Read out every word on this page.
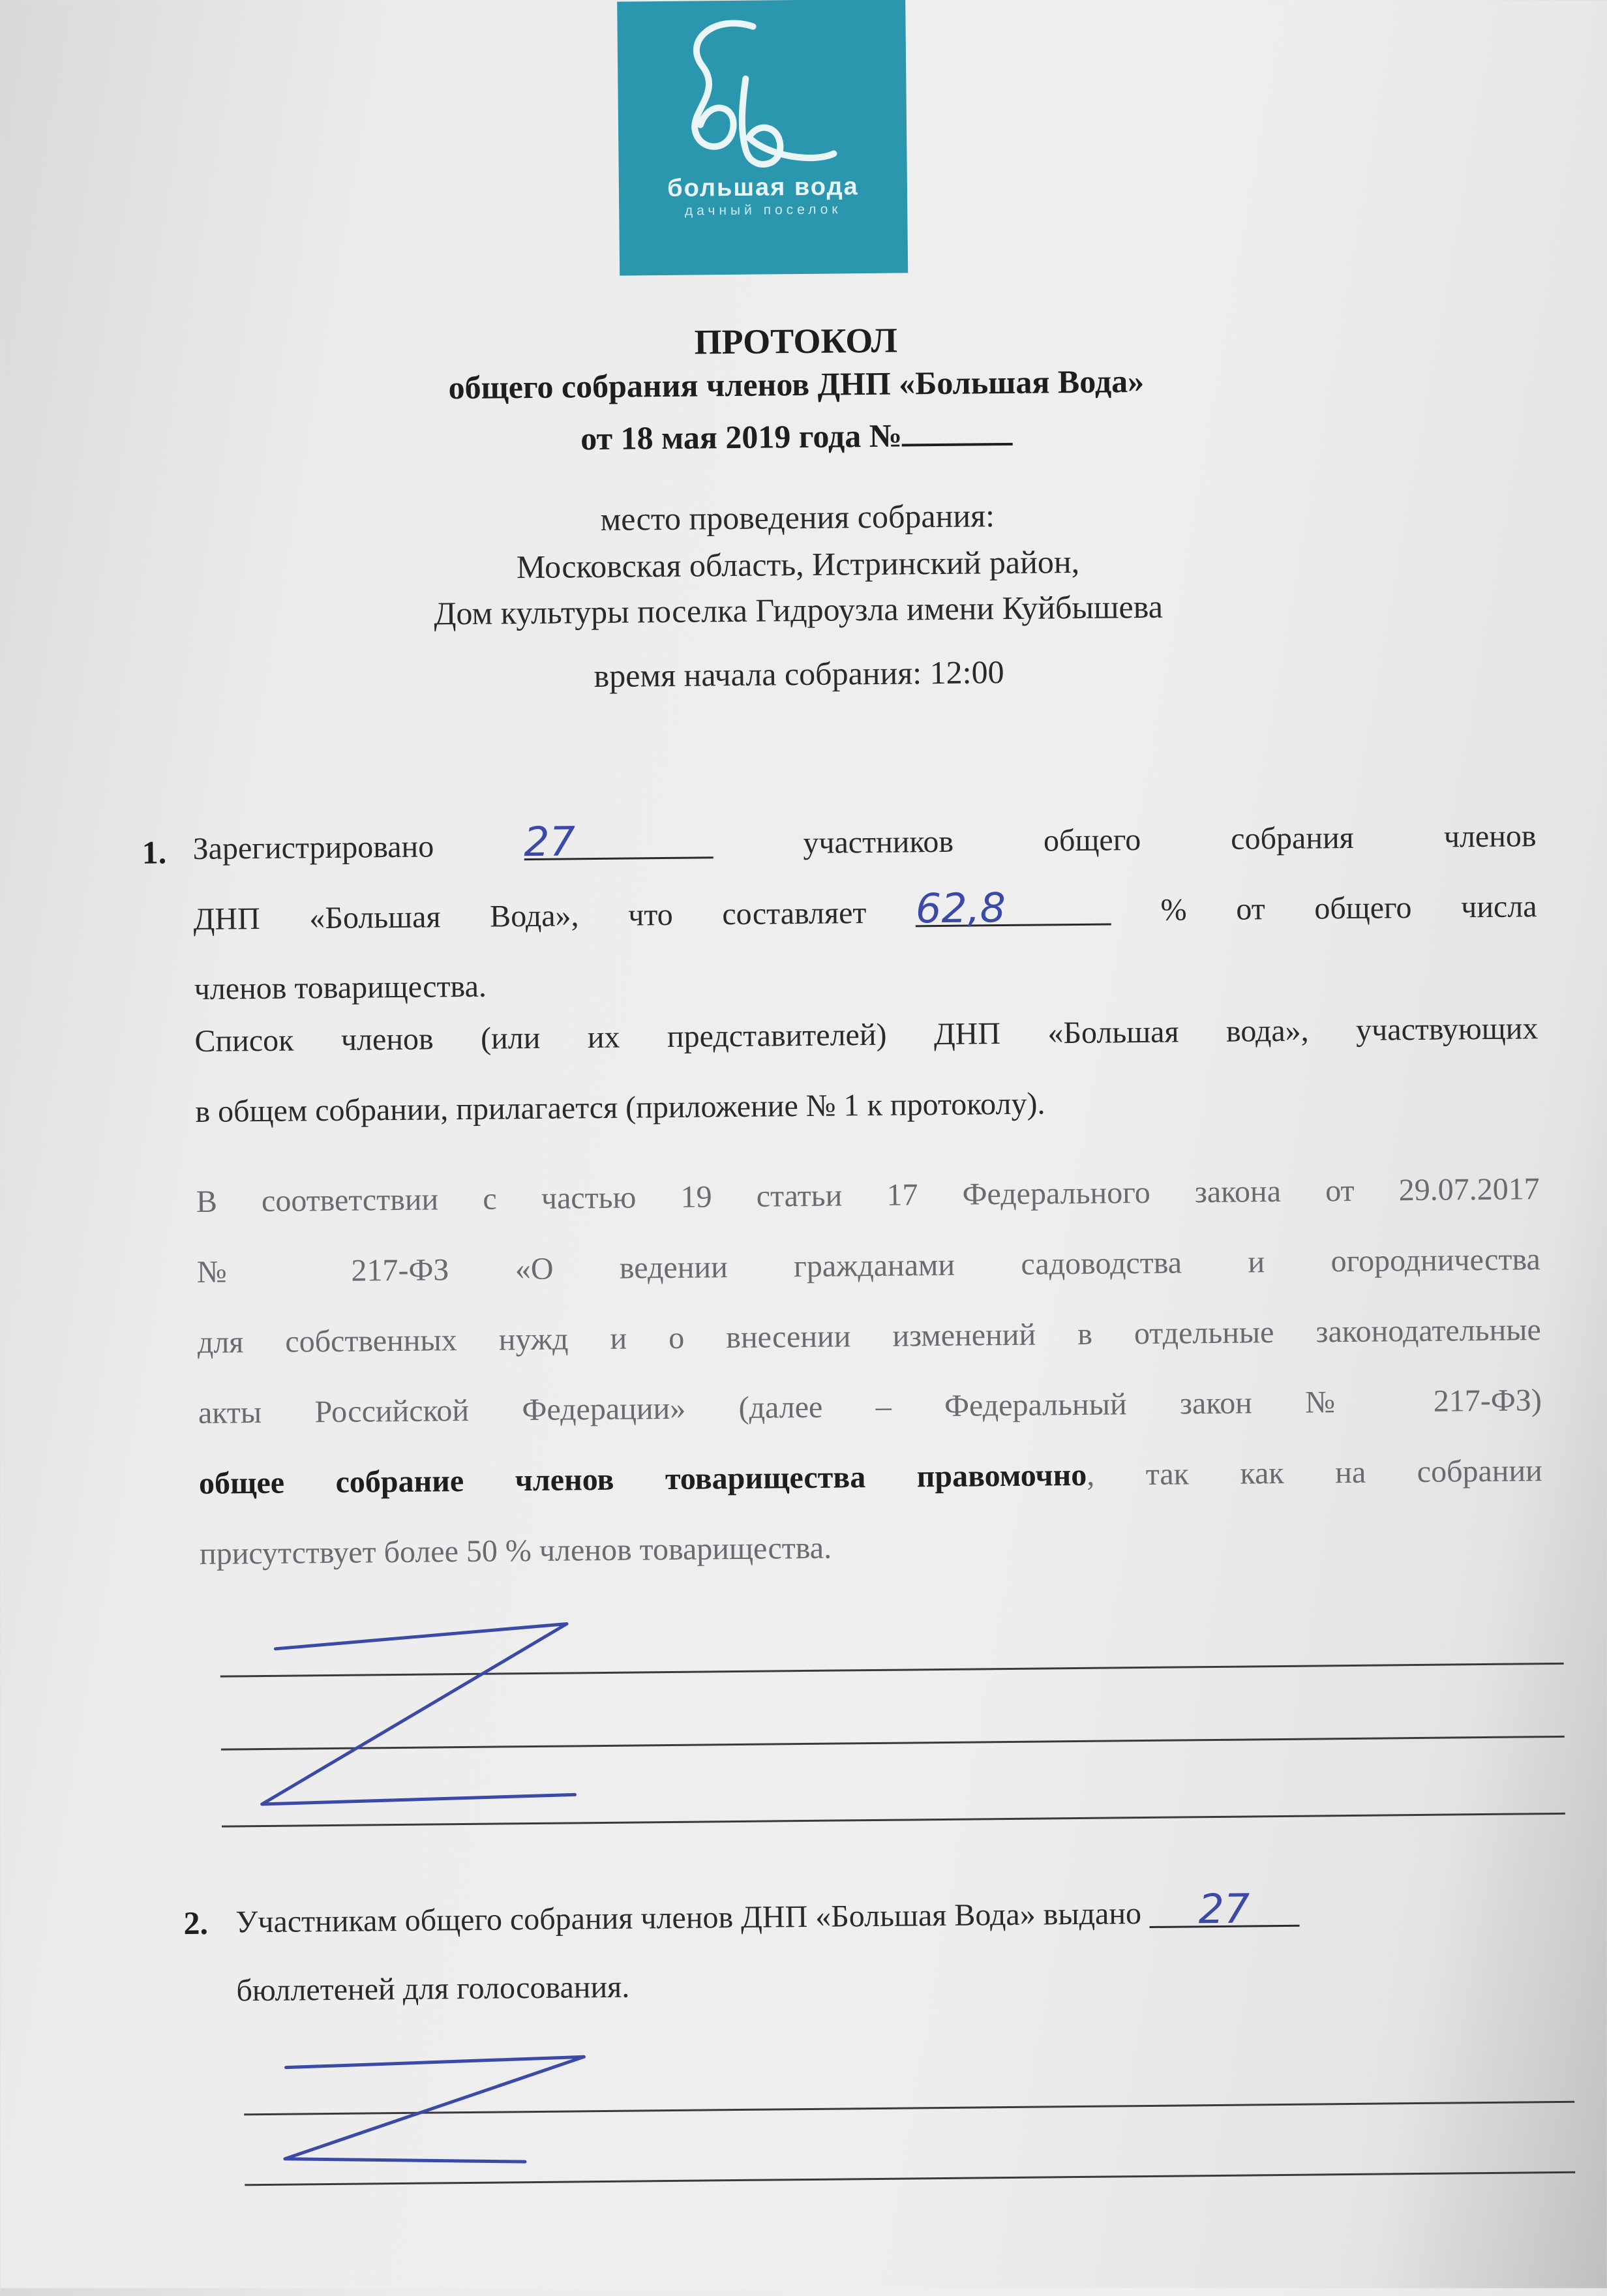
бв
большая вода
дачный поселок
ПРОТОКОЛ
общего собрания членов ДНП «Большая Вода»
от 18 мая 2019 года №
место проведения собрания:
Московская область, Истринский район,
Дом культуры поселка Гидроузла имени Куйбышева
время начала собрания: 12:00
1. Зарегистрировано 27	участников общего собрания членов
ДНП «Большая Вода», что составляет 62,8	% от общего числа
членов товарищества.
Список членов (или их представителей) ДНП «Большая вода», участвующих
в общем собрании, прилагается (приложение № 1 к протоколу).
В соответствии с частью 19 статьи 17 Федерального закона от 29.07.2017
№ 217-ФЗ «О ведении гражданами садоводства и огородничества
для собственных нужд и о внесении изменений в отдельные законодательные
акты Российской Федерации» (далее – Федеральный закон № 217-ФЗ)
общее собрание членов товарищества правомочно, так как на собрании
присутствует более 50 % членов товарищества.
2. Участникам общего собрания членов ДНП «Большая Вода» выдано 27
бюллетеней для голосования.
